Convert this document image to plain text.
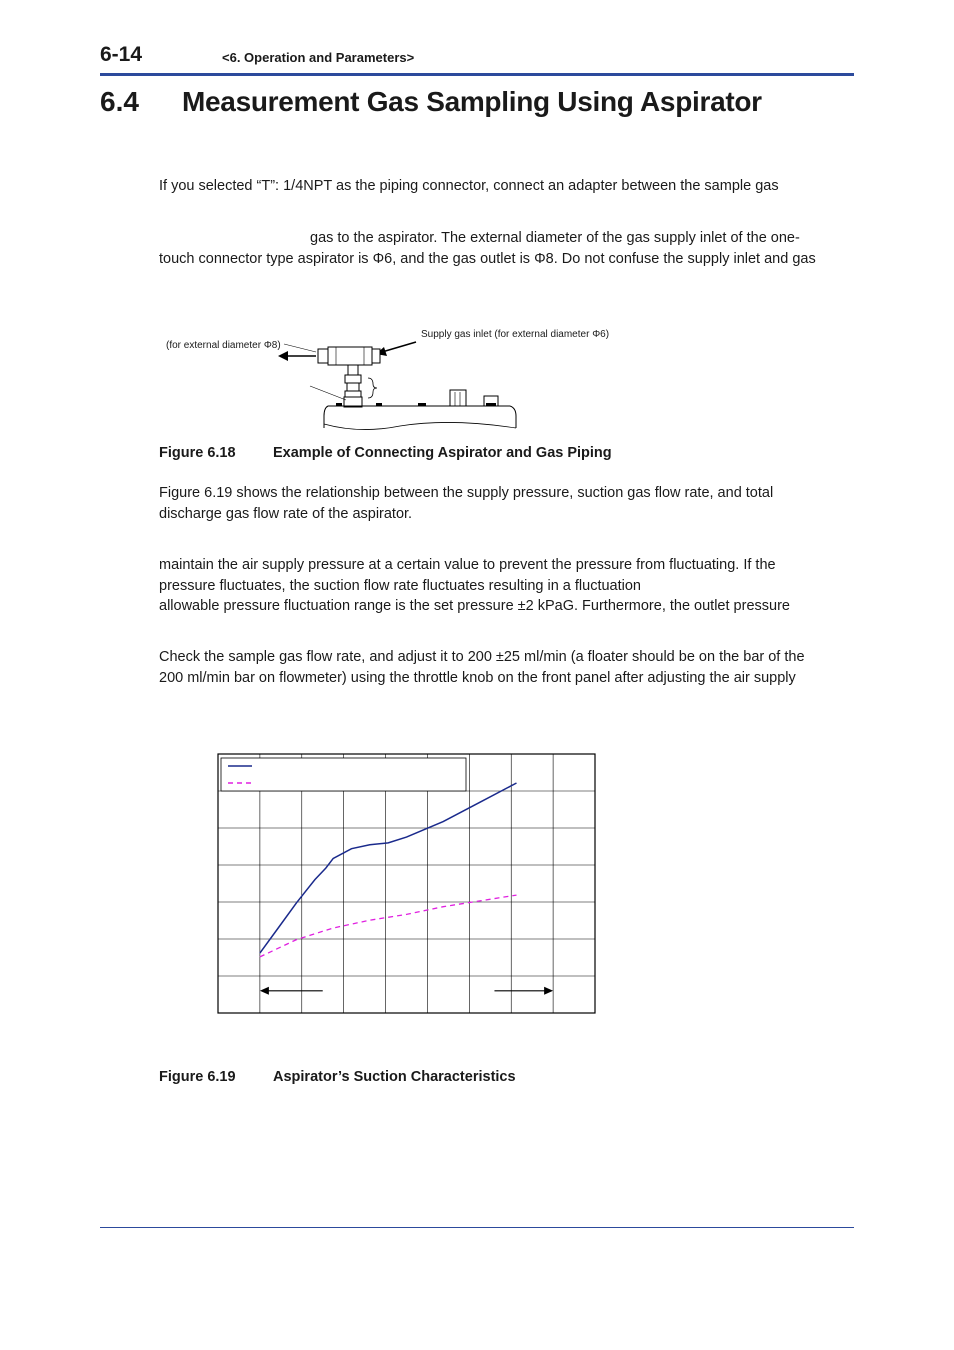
6-14	<6. Operation and Parameters>
6.4 Measurement Gas Sampling Using Aspirator
If you selected “T”: 1/4NPT as the piping connector, connect an adapter between the sample gas
gas to the aspirator. The external diameter of the gas supply inlet of the one-
touch connector type aspirator is Φ6, and the gas outlet is Φ8. Do not confuse the supply inlet and gas
(for external diameter Φ8)
Supply gas inlet (for external diameter Φ6)
Figure 6.18	Example of Connecting Aspirator and Gas Piping
Figure 6.19 shows the relationship between the supply pressure, suction gas flow rate, and total
discharge gas flow rate of the aspirator.
maintain the air supply pressure at a certain value to prevent the pressure from fluctuating. If the
pressure fluctuates, the suction flow rate fluctuates resulting in a fluctuation
allowable pressure fluctuation range is the set pressure ±2 kPaG. Furthermore, the outlet pressure
Check the sample gas flow rate, and adjust it to 200 ±25 ml/min (a floater should be on the bar of the
200 ml/min bar on flowmeter) using the throttle knob on the front panel after adjusting the air supply
Figure 6.19	Aspirator’s Suction Characteristics
